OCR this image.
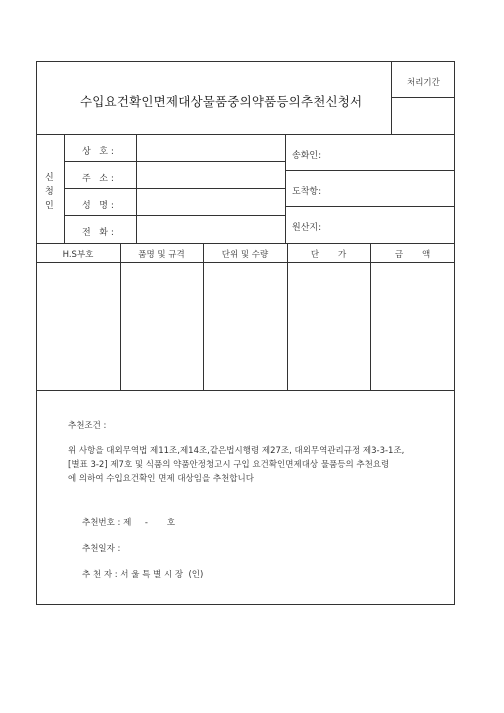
수입요건확인면제대상물품중의약품등의추천신청서
처리기간
신
청
인
상   호 :
주   소 :
성   명 :
전   화 :
송화인:
도착항:
원산지:
H.S부호	품명 및 규격	단위 및 수량	단       가	금       액
추천조건 :
위 사항을 대외무역법 제11조,제14조,같은법시행령 제27조, 대외무역관리규정 제3-3-1조,
[별표 3-2] 제7호 및 식품의 약품안정청고시 구입 요건확인면제대상 물품등의 추천요령
에 의하여 수입요건확인 면제 대상임을 추천합니다
추천번호 : 제     -       호
추천일자 :
추 천 자 : 서 울 특 별 시 장  (인)
